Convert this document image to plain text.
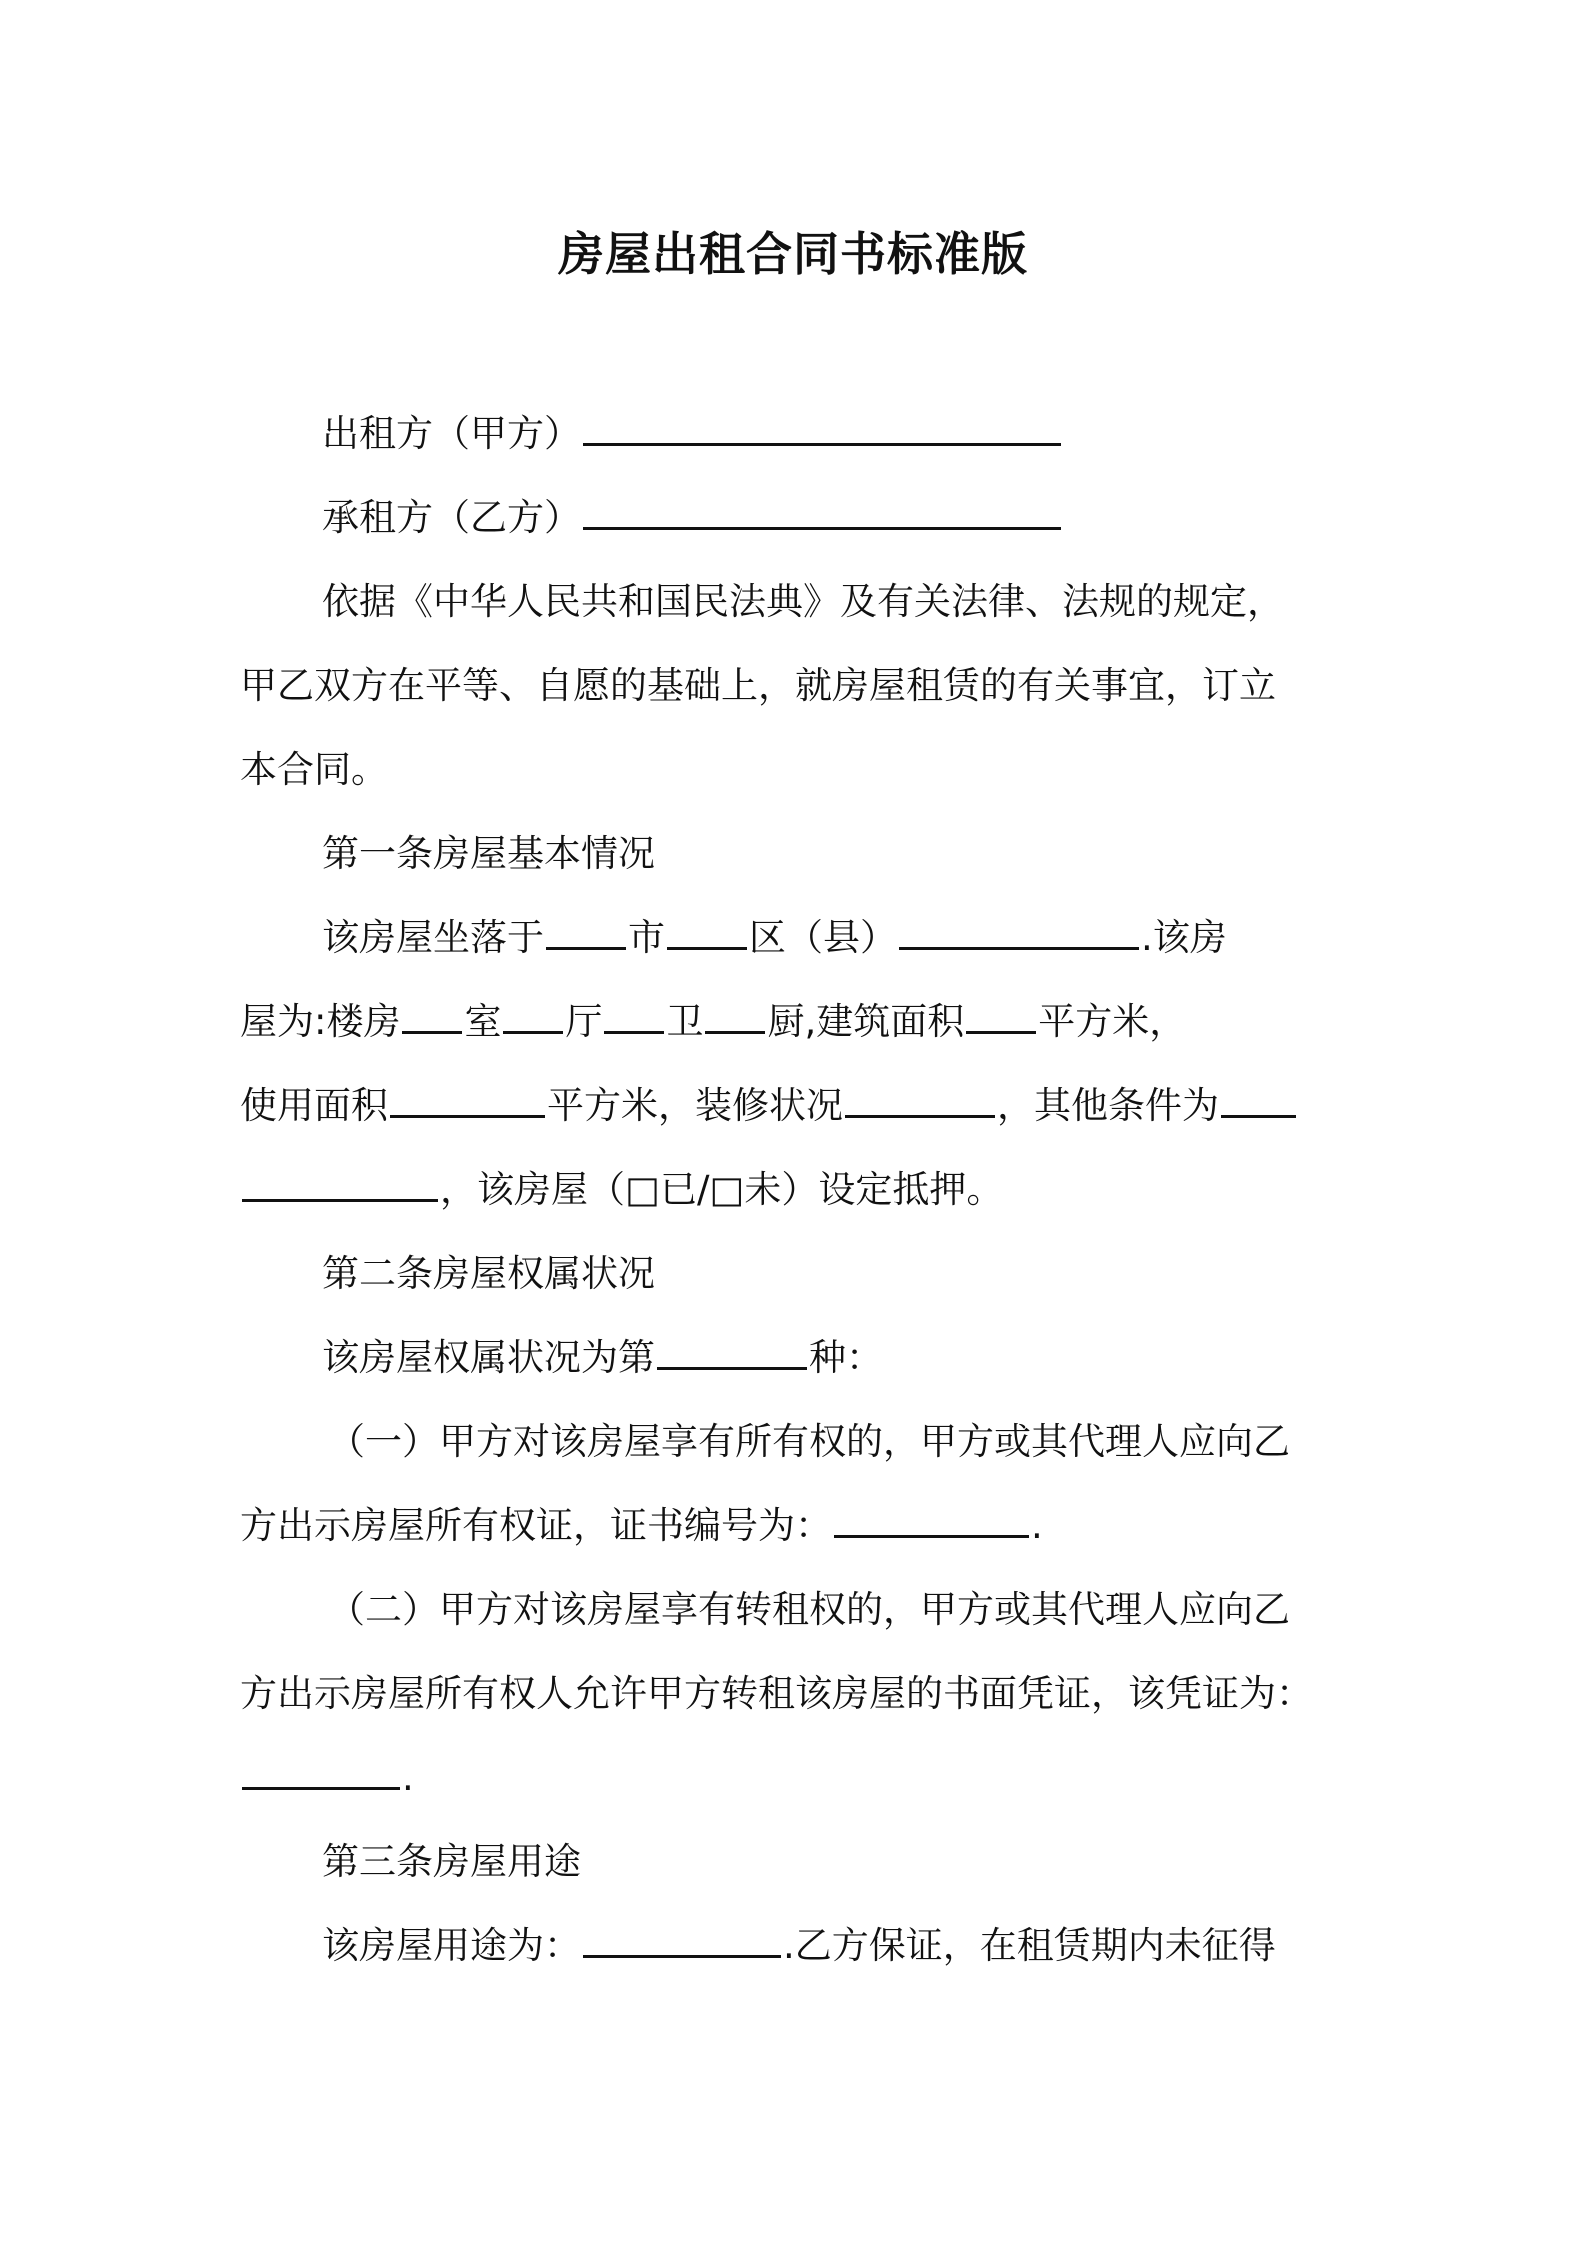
房屋出租合同书标准版
出租方（甲方）
承租方（乙方）
依据《中华人民共和国民法典》及有关法律、法规的规定，
甲乙双方在平等、自愿的基础上，就房屋租赁的有关事宜，订立
本合同。
第一条房屋基本情况
该房屋坐落于 市 区（县）	.该房
屋为:楼房 室 厅 卫 厨,建筑面积 平方米，
使用面积	平方米，装修状况	，其他条件为
，该房屋（□已/□未）设定抵押。
第二条房屋权属状况
该房屋权属状况为第	种：
（一）甲方对该房屋享有所有权的，甲方或其代理人应向乙
方出示房屋所有权证，证书编号为：	.
（二）甲方对该房屋享有转租权的，甲方或其代理人应向乙
方出示房屋所有权人允许甲方转租该房屋的书面凭证，该凭证为：
.
第三条房屋用途
该房屋用途为：	.乙方保证，在租赁期内未征得
